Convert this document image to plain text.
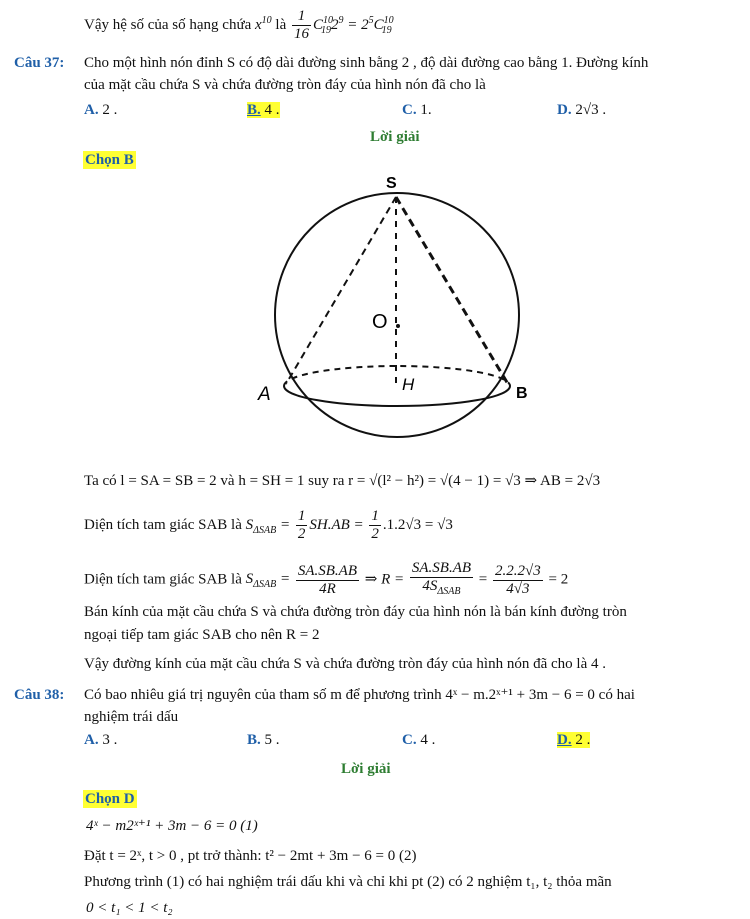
Vậy hệ số của số hạng chứa $x^{10}$ là $\frac{1}{16} C^{10}_{19}2^9 = 2^5C^{10}_{19}$
Câu 37: Cho một hình nón đỉnh S có độ dài đường sinh bằng 2 , độ dài đường cao bằng 1. Đường kính
của mặt cầu chứa S và chứa đường tròn đáy của hình nón đã cho là
A. 2 .	B. 4 .	C. 1.	D. 2√3 .
Lời giải
Chọn B
S
O
H
A	B
Ta có l = SA = SB = 2 và h = SH = 1 suy ra r = √(l² − h²) = √(4 − 1) = √3 ⇒ AB = 2√3
Diện tích tam giác SAB là $S_{\Delta SAB} = \frac{1}{2} SH.AB = \frac{1}{2} .1.2√3 = √3$
Diện tích tam giác SAB là $S_{\Delta SAB} = \frac{SA.SB.AB}{4R}$ ⇒ $R = \frac{SA.SB.AB}{4S_{\Delta SAB}} = \frac{2.2.2√3}{4√3} = 2$
Bán kính của mặt cầu chứa S và chứa đường tròn đáy của hình nón là bán kính đường tròn
ngoại tiếp tam giác SAB cho nên R = 2
Vậy đường kính của mặt cầu chứa S và chứa đường tròn đáy của hình nón đã cho là 4 .
Câu 38: Có bao nhiêu giá trị nguyên của tham số m để phương trình 4ˣ − m.2ˣ⁺¹ + 3m − 6 = 0 có hai
nghiệm trái dấu
A. 3 .	B. 5 .	C. 4 .	D. 2 .
Lời giải
Chọn D
4ˣ − m2ˣ⁺¹ + 3m − 6 = 0 (1)
Đặt t = 2ˣ, t > 0 , pt trở thành: t² − 2mt + 3m − 6 = 0 (2)
Phương trình (1) có hai nghiệm trái dấu khi và chỉ khi pt (2) có 2 nghiệm t₁, t₂ thỏa mãn
0 < t₁ < 1 < t₂
